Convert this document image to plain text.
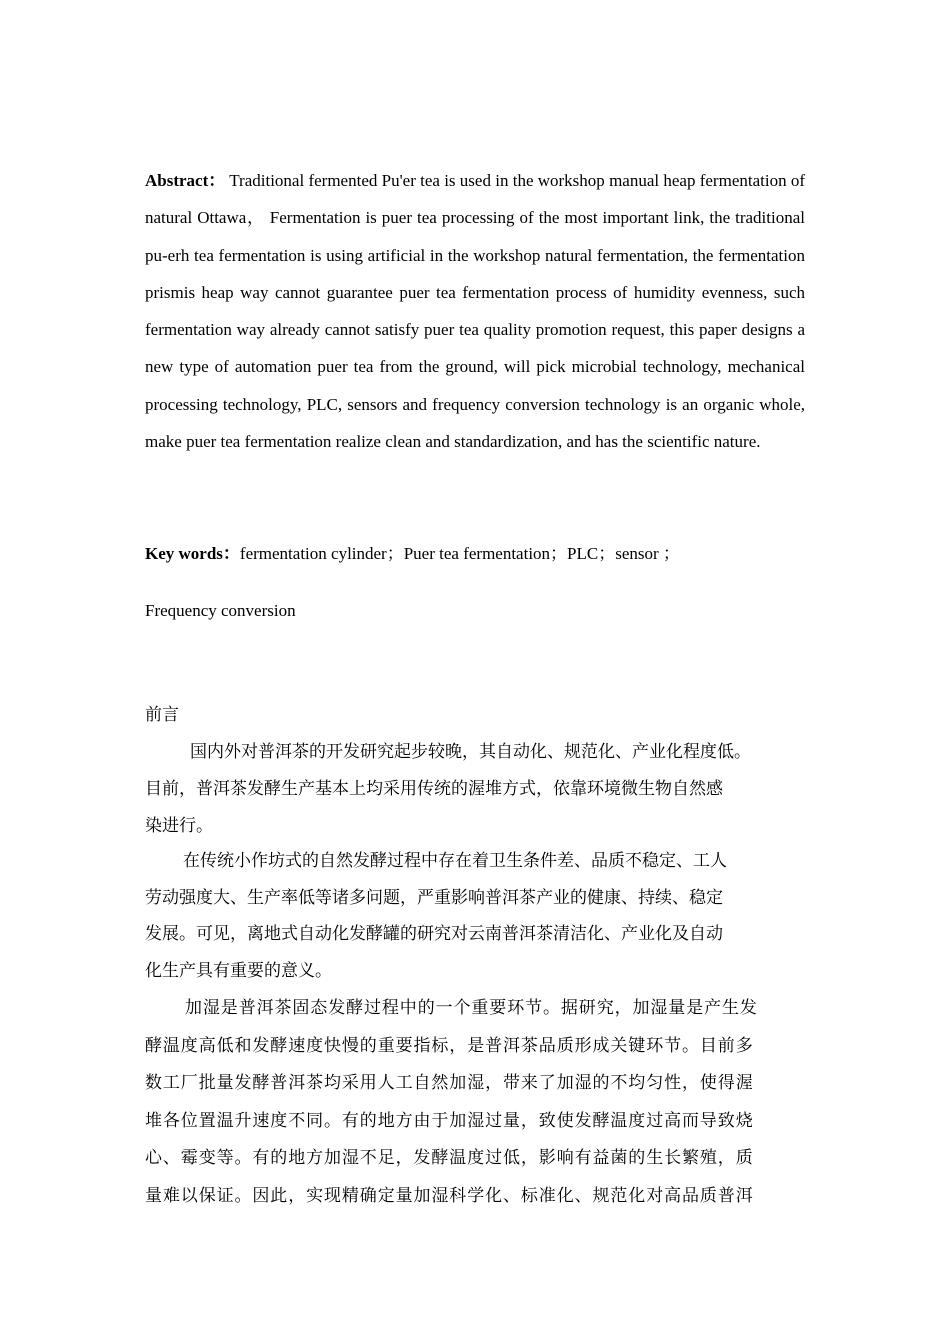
Abstract： Traditional fermented Pu'er tea is used in the workshop manual heap fermentation of natural Ottawa， Fermentation is puer tea processing of the most important link, the traditional pu-erh tea fermentation is using artificial in the workshop natural fermentation, the fermentation prismis heap way cannot guarantee puer tea fermentation process of humidity evenness, such fermentation way already cannot satisfy puer tea quality promotion request, this paper designs a new type of automation puer tea from the ground, will pick microbial technology, mechanical processing technology, PLC, sensors and frequency conversion technology is an organic whole, make puer tea fermentation realize clean and standardization, and has the scientific nature.
Key words：fermentation cylinder；Puer tea fermentation；PLC；sensor ；
Frequency conversion
前言
　国内外对普洱茶的开发研究起步较晚，其自动化、规范化、产业化程度低。
目前，普洱茶发酵生产基本上均采用传统的渥堆方式，依靠环境微生物自然感
染进行。
在传统小作坊式的自然发酵过程中存在着卫生条件差、品质不稳定、工人
劳动强度大、生产率低等诸多问题，严重影响普洱茶产业的健康、持续、稳定
发展。可见，离地式自动化发酵罐的研究对云南普洱茶清洁化、产业化及自动
化生产具有重要的意义。
加湿是普洱茶固态发酵过程中的一个重要环节。据研究，加湿量是产生发
酵温度高低和发酵速度快慢的重要指标，是普洱茶品质形成关键环节。目前多
数工厂批量发酵普洱茶均采用人工自然加湿，带来了加湿的不均匀性，使得渥
堆各位置温升速度不同。有的地方由于加湿过量，致使发酵温度过高而导致烧
心、霉变等。有的地方加湿不足，发酵温度过低，影响有益菌的生长繁殖，质
量难以保证。因此，实现精确定量加湿科学化、标准化、规范化对高品质普洱
